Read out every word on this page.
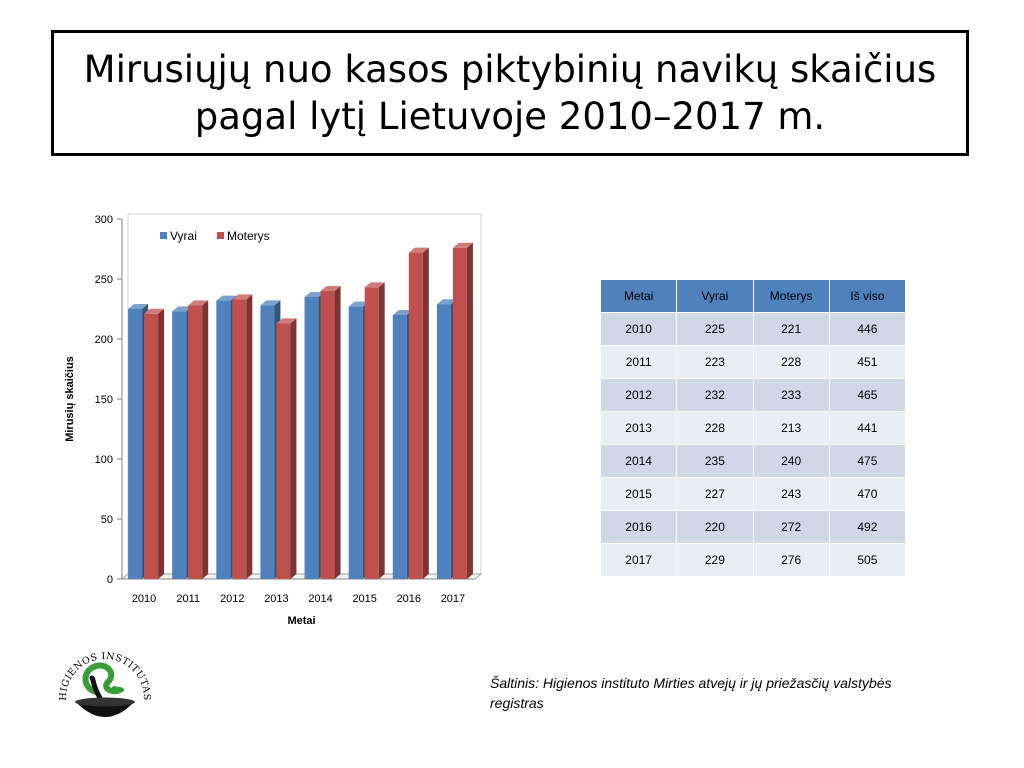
Mirusiųjų nuo kasos piktybinių navikų skaičius
pagal lytį Lietuvoje 2010–2017 m.
0
50
100
150
200
250
300
2010 2011 2012 2013 2014 2015 2016 2017
Metai
Mirusių skaičius
Vyrai	Moterys
Metai	Vyrai	Moterys	Iš viso
2010	225	221	446
2011	223	228	451
2012	232	233	465
2013	228	213	441
2014	235	240	475
2015	227	243	470
2016	220	272	492
2017	229	276	505
HIGIENOS INSTITUTAS
Šaltinis: Higienos instituto Mirties atvejų ir jų priežasčių valstybės registras
